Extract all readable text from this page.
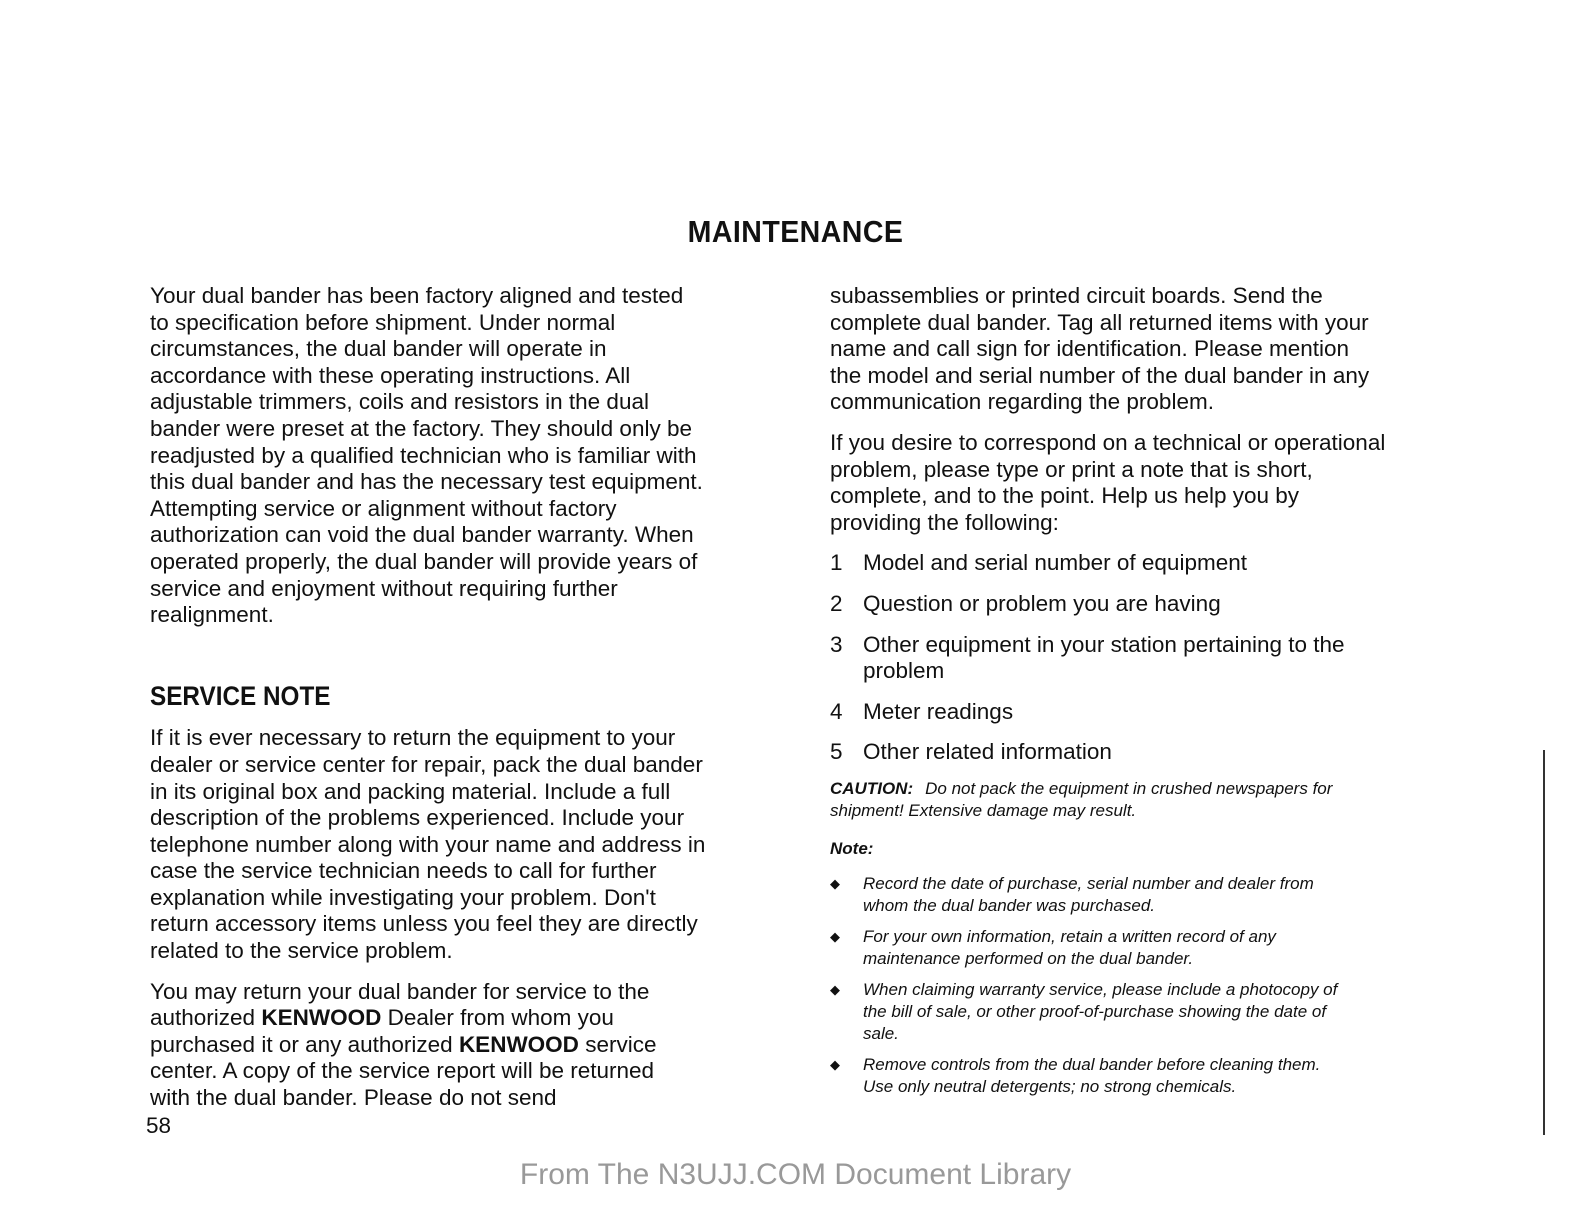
MAINTENANCE
Your dual bander has been factory aligned and tested
to specification before shipment. Under normal
circumstances, the dual bander will operate in
accordance with these operating instructions. All
adjustable trimmers, coils and resistors in the dual
bander were preset at the factory. They should only be
readjusted by a qualified technician who is familiar with
this dual bander and has the necessary test equipment.
Attempting service or alignment without factory
authorization can void the dual bander warranty. When
operated properly, the dual bander will provide years of
service and enjoyment without requiring further
realignment.
SERVICE NOTE
If it is ever necessary to return the equipment to your
dealer or service center for repair, pack the dual bander
in its original box and packing material. Include a full
description of the problems experienced. Include your
telephone number along with your name and address in
case the service technician needs to call for further
explanation while investigating your problem. Don't
return accessory items unless you feel they are directly
related to the service problem.
You may return your dual bander for service to the
authorized KENWOOD Dealer from whom you
purchased it or any authorized KENWOOD service
center. A copy of the service report will be returned
with the dual bander. Please do not send
58
subassemblies or printed circuit boards. Send the
complete dual bander. Tag all returned items with your
name and call sign for identification. Please mention
the model and serial number of the dual bander in any
communication regarding the problem.
If you desire to correspond on a technical or operational
problem, please type or print a note that is short,
complete, and to the point. Help us help you by
providing the following:
1 Model and serial number of equipment
2 Question or problem you are having
3 Other equipment in your station pertaining to the
problem
4 Meter readings
5 Other related information
CAUTION: Do not pack the equipment in crushed newspapers for
shipment! Extensive damage may result.
Note:
◆	Record the date of purchase, serial number and dealer from
whom the dual bander was purchased.
◆	For your own information, retain a written record of any
maintenance performed on the dual bander.
◆	When claiming warranty service, please include a photocopy of
the bill of sale, or other proof-of-purchase showing the date of
sale.
◆	Remove controls from the dual bander before cleaning them.
Use only neutral detergents; no strong chemicals.
From The N3UJJ.COM Document Library
